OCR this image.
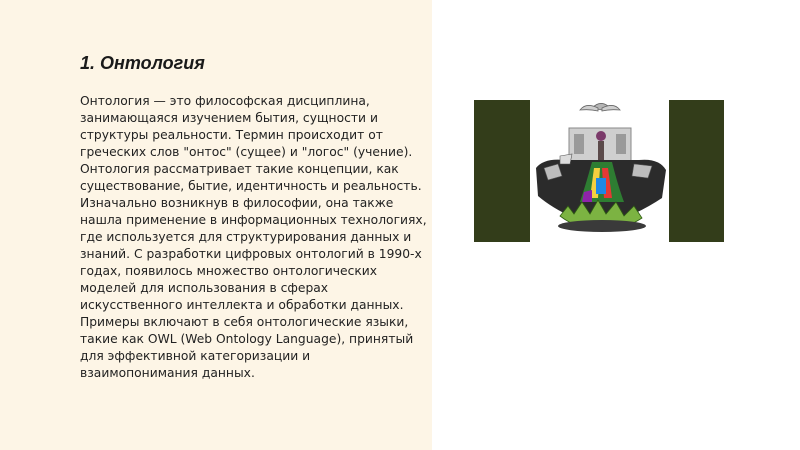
1. Онтология

Онтология — это философская дисциплина, занимающаяся изучением бытия, сущности и структуры реальности. Термин происходит от греческих слов "онтос" (сущее) и "логос" (учение). Онтология рассматривает такие концепции, как существование, бытие, идентичность и реальность. Изначально возникнув в философии, она также нашла применение в информационных технологиях, где используется для структурирования данных и знаний. С разработки цифровых онтологий в 1990-х годах, появилось множество онтологических моделей для использования в сферах искусственного интеллекта и обработки данных. Примеры включают в себя онтологические языки, такие как OWL (Web Ontology Language), принятый для эффективной категоризации и взаимопонимания данных.
